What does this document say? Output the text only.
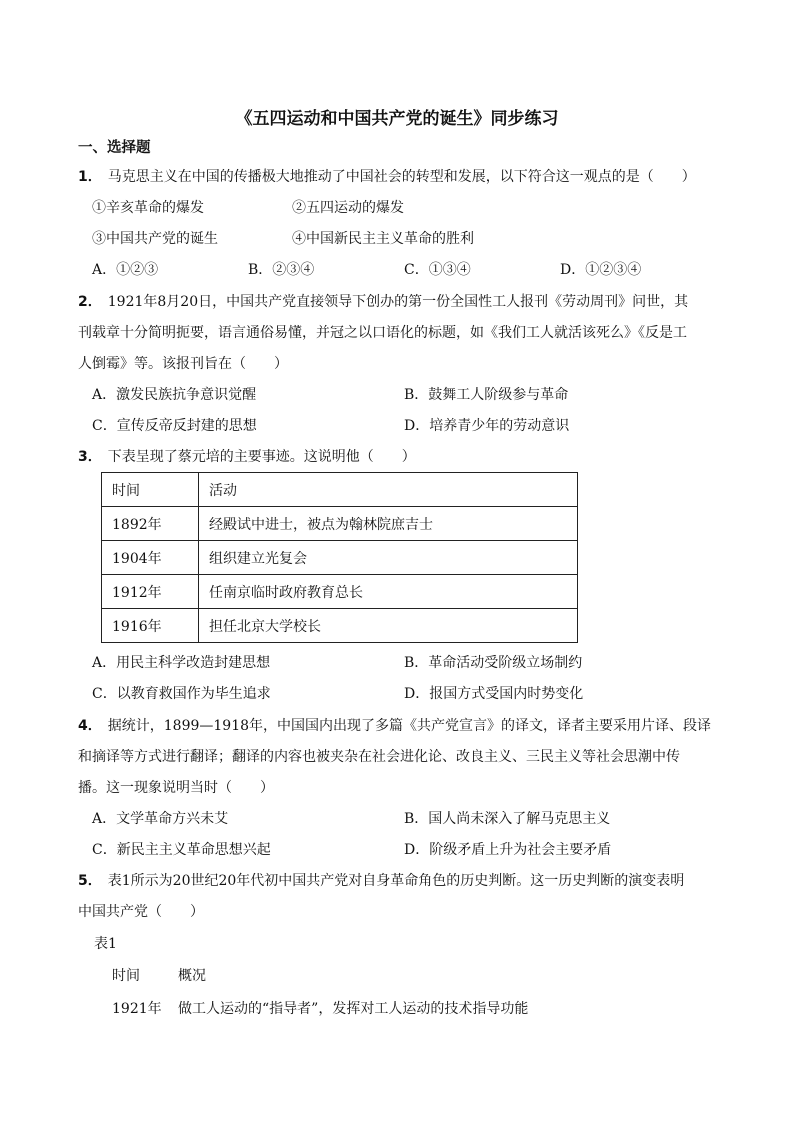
《五四运动和中国共产党的诞生》同步练习
一、选择题
1． 马克思主义在中国的传播极大地推动了中国社会的转型和发展，以下符合这一观点的是（　　）
①辛亥革命的爆发	②五四运动的爆发
③中国共产党的诞生	④中国新民主主义革命的胜利
A．①②③	B．②③④	C．①③④	D．①②③④
2． 1921年8月20日，中国共产党直接领导下创办的第一份全国性工人报刊《劳动周刊》问世，其
刊载章十分简明扼要，语言通俗易懂，并冠之以口语化的标题，如《我们工人就活该死么》《反是工
人倒霉》等。该报刊旨在（　　）
A．激发民族抗争意识觉醒	B．鼓舞工人阶级参与革命
C．宣传反帝反封建的思想	D．培养青少年的劳动意识
3． 下表呈现了蔡元培的主要事迹。这说明他（　　）
时间	活动
1892年	经殿试中进士，被点为翰林院庶吉士
1904年	组织建立光复会
1912年	任南京临时政府教育总长
1916年	担任北京大学校长
A．用民主科学改造封建思想	B．革命活动受阶级立场制约
C．以教育救国作为毕生追求	D．报国方式受国内时势变化
4． 据统计，1899—1918年，中国国内出现了多篇《共产党宣言》的译文，译者主要采用片译、段译
和摘译等方式进行翻译；翻译的内容也被夹杂在社会进化论、改良主义、三民主义等社会思潮中传
播。这一现象说明当时（　　）
A．文学革命方兴未艾	B．国人尚未深入了解马克思主义
C．新民主主义革命思想兴起	D．阶级矛盾上升为社会主要矛盾
5． 表1所示为20世纪20年代初中国共产党对自身革命角色的历史判断。这一历史判断的演变表明
中国共产党（　　）
表1
时间	概况
1921年 做工人运动的“指导者”，发挥对工人运动的技术指导功能
